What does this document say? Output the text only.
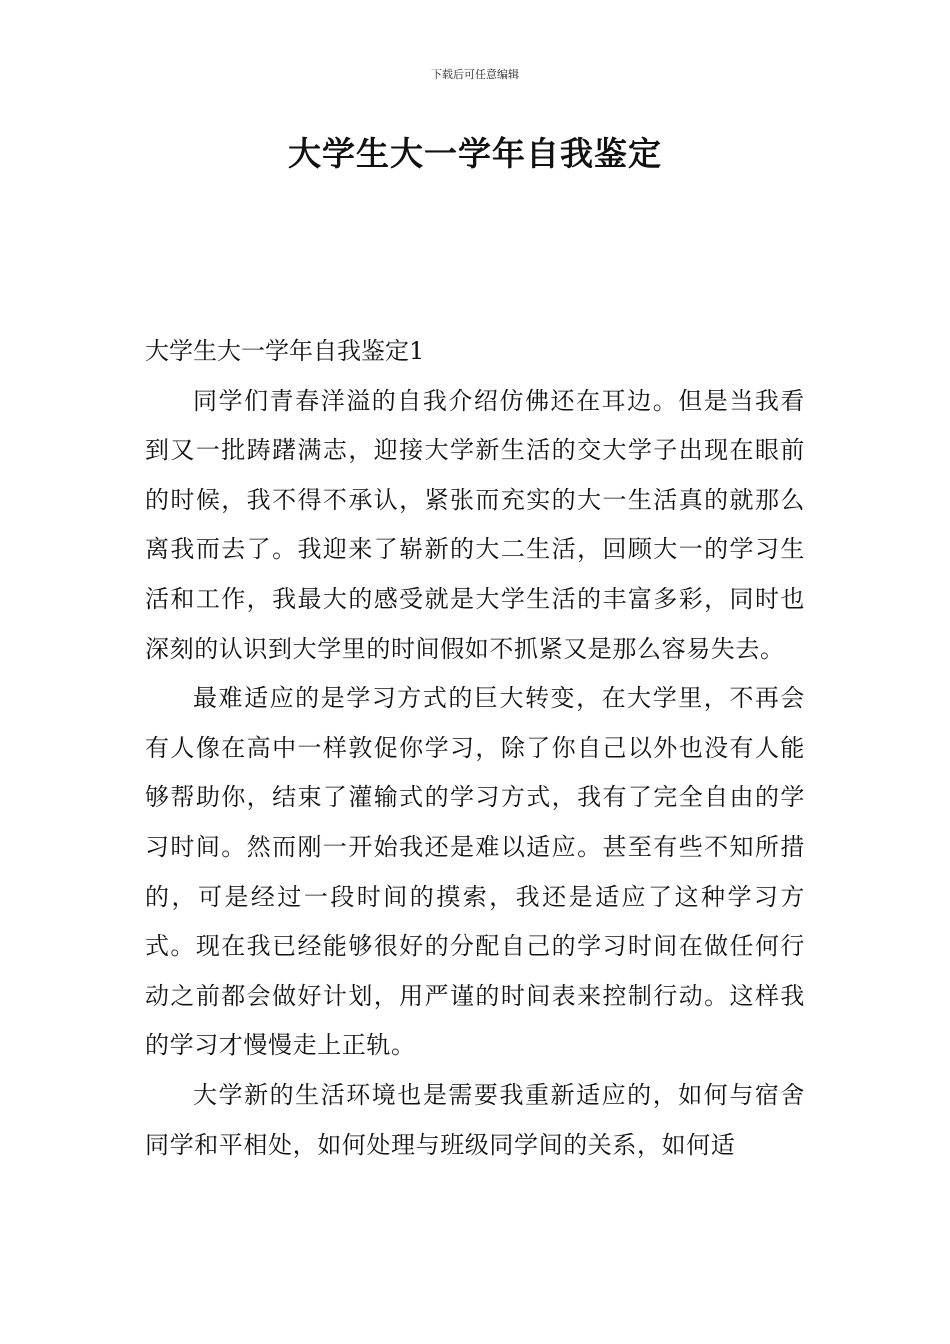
下载后可任意编辑
大学生大一学年自我鉴定

大学生大一学年自我鉴定1

同学们青春洋溢的自我介绍仿佛还在耳边。但是当我看到又一批踌躇满志，迎接大学新生活的交大学子出现在眼前的时候，我不得不承认，紧张而充实的大一生活真的就那么离我而去了。我迎来了崭新的大二生活，回顾大一的学习生活和工作，我最大的感受就是大学生活的丰富多彩，同时也深刻的认识到大学里的时间假如不抓紧又是那么容易失去。

最难适应的是学习方式的巨大转变，在大学里，不再会有人像在高中一样敦促你学习，除了你自己以外也没有人能够帮助你，结束了灌输式的学习方式，我有了完全自由的学习时间。然而刚一开始我还是难以适应。甚至有些不知所措的，可是经过一段时间的摸索，我还是适应了这种学习方式。现在我已经能够很好的分配自己的学习时间在做任何行动之前都会做好计划，用严谨的时间表来控制行动。这样我的学习才慢慢走上正轨。

大学新的生活环境也是需要我重新适应的，如何与宿舍同学和平相处，如何处理与班级同学间的关系，如何适
